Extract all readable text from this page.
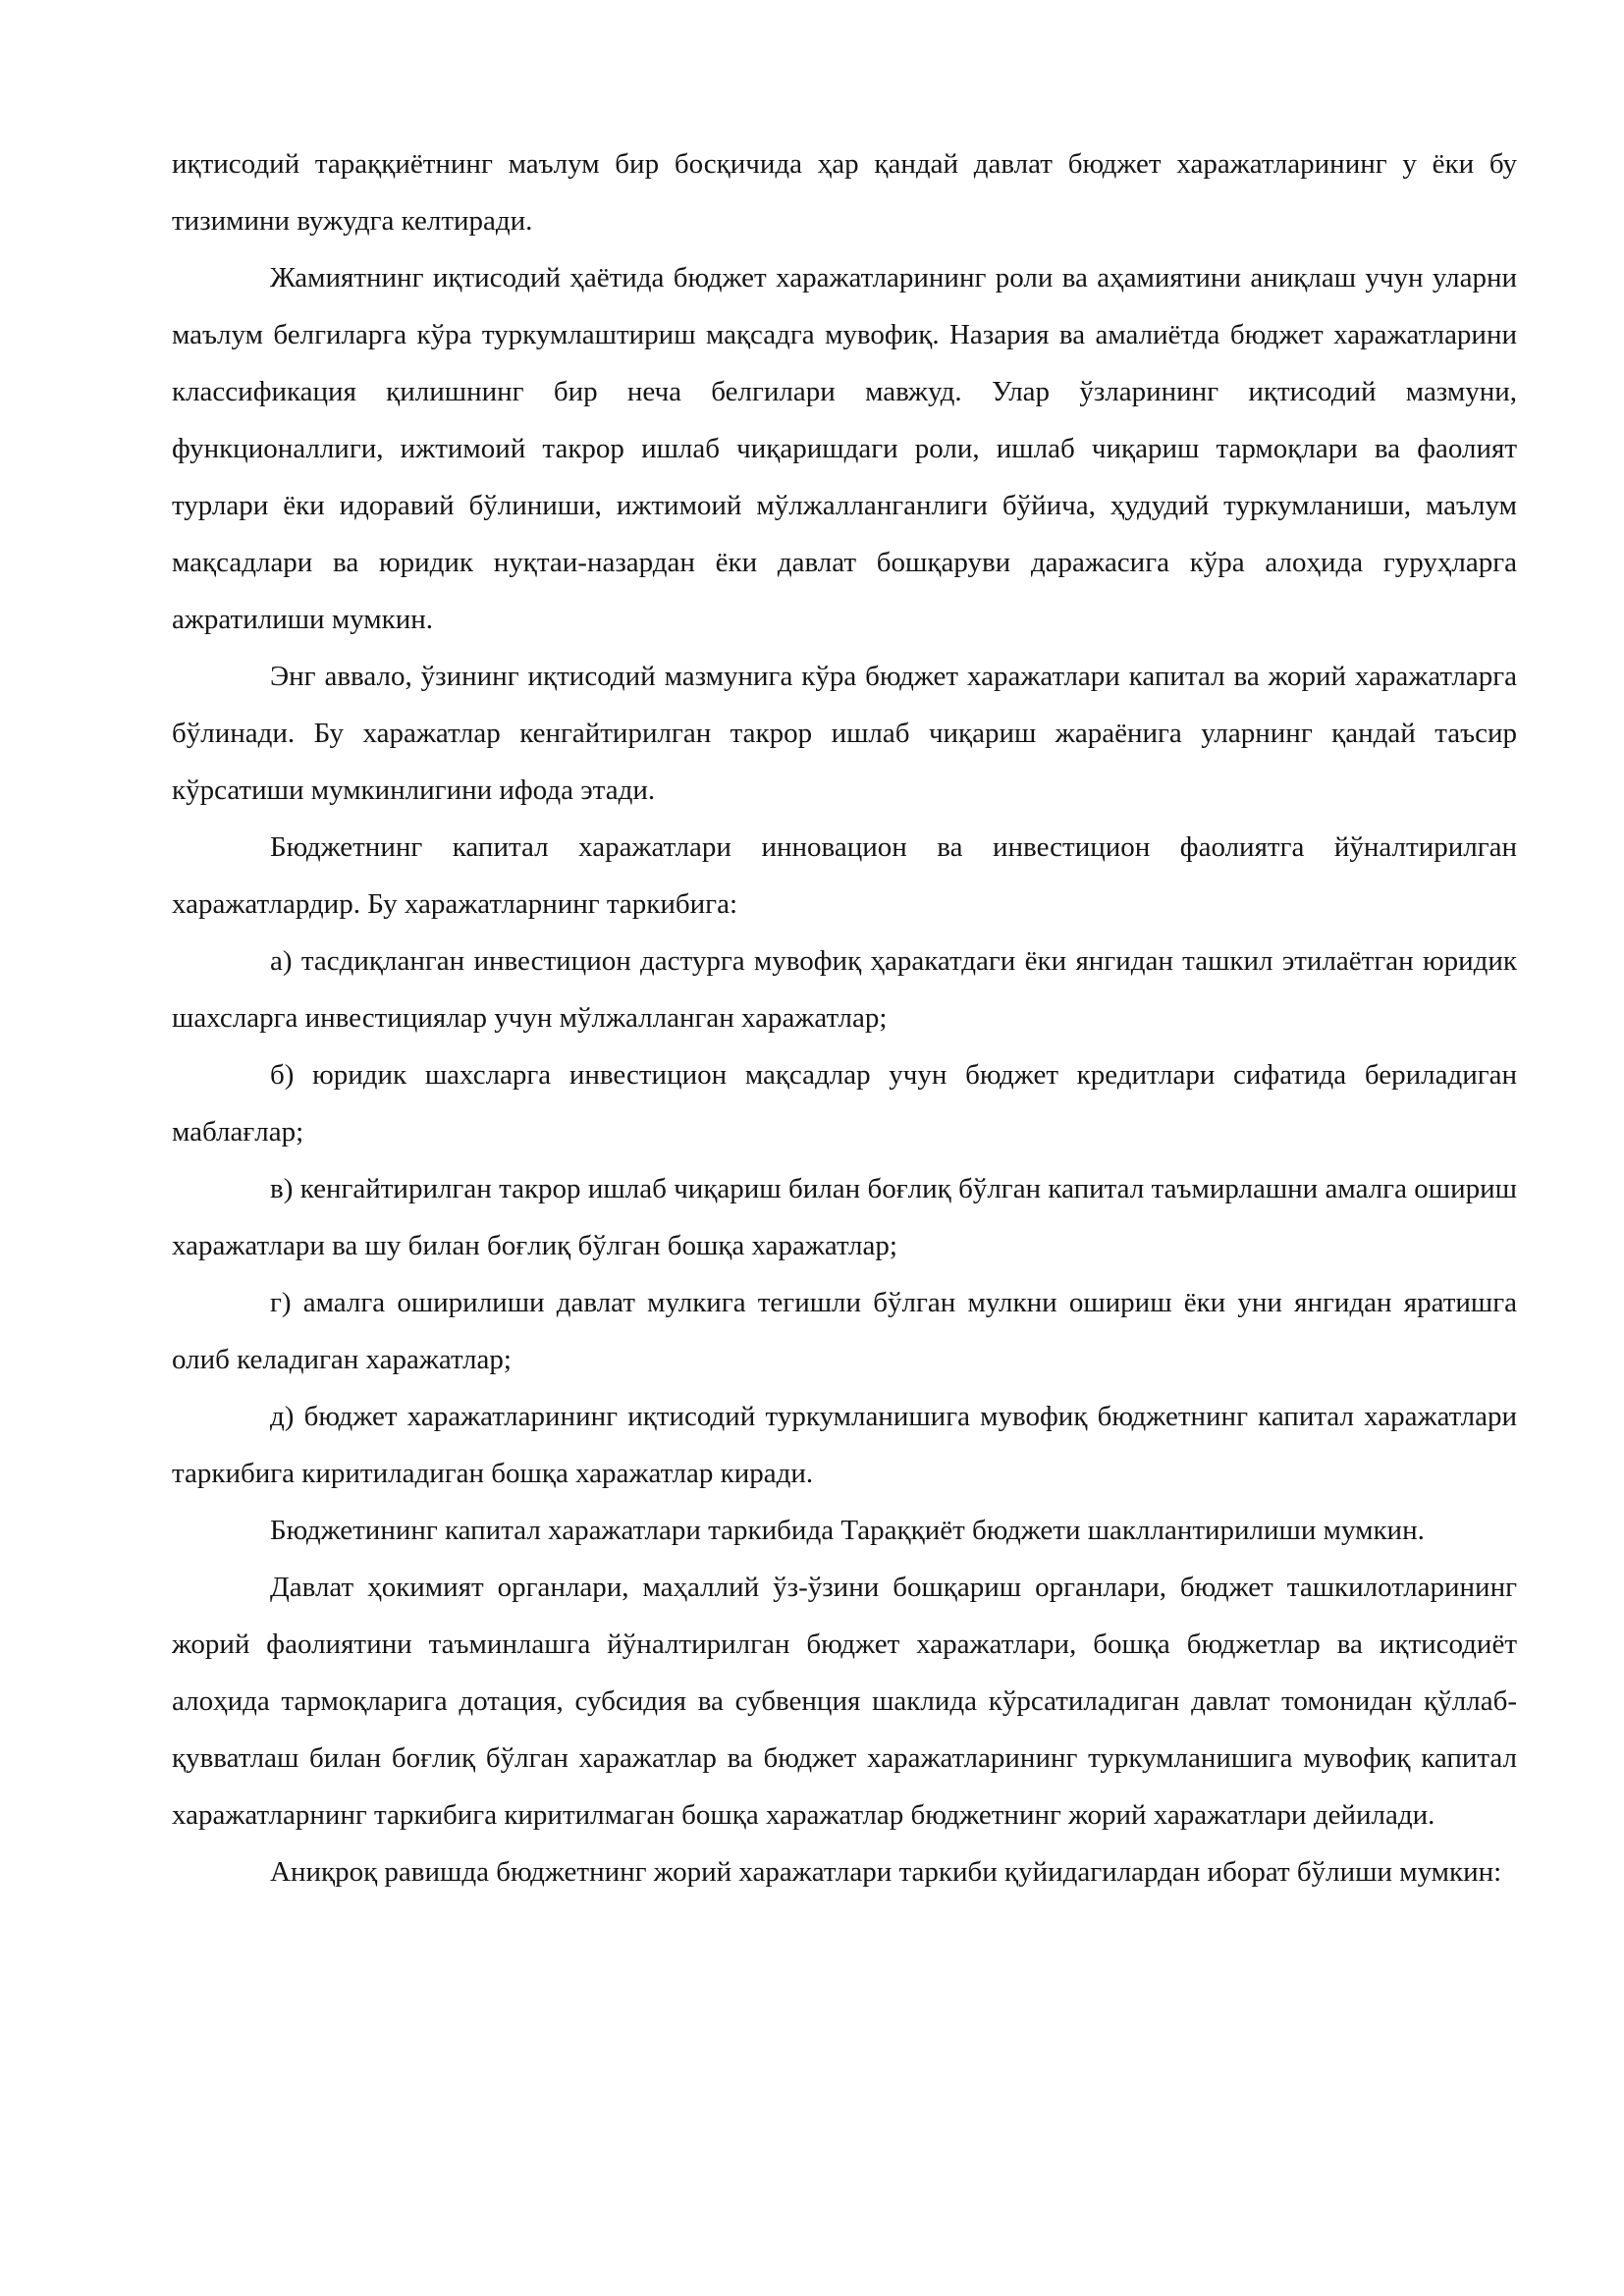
иқтисодий тараққиётнинг маълум бир босқичида ҳар қандай давлат бюджет харажатларининг у ёки бу тизимини вужудга келтиради.

Жамиятнинг иқтисодий ҳаётида бюджет харажатларининг роли ва аҳамиятини аниқлаш учун уларни маълум белгиларга кўра туркумлаштириш мақсадга мувофиқ. Назария ва амалиётда бюджет харажатларини классификация қилишнинг бир неча белгилари мавжуд. Улар ўзларининг иқтисодий мазмуни, функционаллиги, ижтимоий такрор ишлаб чиқаришдаги роли, ишлаб чиқариш тармоқлари ва фаолият турлари ёки идоравий бўлиниши, ижтимоий мўлжалланганлиги бўйича, ҳудудий туркумланиши, маълум мақсадлари ва юридик нуқтаи-назардан ёки давлат бошқаруви даражасига кўра алоҳида гуруҳларга ажратилиши мумкин.

Энг аввало, ўзининг иқтисодий мазмунига кўра бюджет харажатлари капитал ва жорий харажатларга бўлинади. Бу харажатлар кенгайтирилган такрор ишлаб чиқариш жараёнига уларнинг қандай таъсир кўрсатиши мумкинлигини ифода этади.

Бюджетнинг капитал харажатлари инновацион ва инвестицион фаолиятга йўналтирилган харажатлардир. Бу харажатларнинг таркибига:

а) тасдиқланган инвестицион дастурга мувофиқ ҳаракатдаги ёки янгидан ташкил этилаётган юридик шахсларга инвестициялар учун мўлжалланган харажатлар;

б) юридик шахсларга инвестицион мақсадлар учун бюджет кредитлари сифатида бериладиган маблағлар;

в) кенгайтирилган такрор ишлаб чиқариш билан боғлиқ бўлган капитал таъмирлашни амалга ошириш харажатлари ва шу билан боғлиқ бўлган бошқа харажатлар;

г) амалга оширилиши давлат мулкига тегишли бўлган мулкни ошириш ёки уни янгидан яратишга олиб келадиган харажатлар;

д) бюджет харажатларининг иқтисодий туркумланишига мувофиқ бюджетнинг капитал харажатлари таркибига киритиладиган бошқа харажатлар киради.

Бюджетининг капитал харажатлари таркибида Тараққиёт бюджети шакллантирилиши мумкин.

Давлат ҳокимият органлари, маҳаллий ўз-ўзини бошқариш органлари, бюджет ташкилотларининг жорий фаолиятини таъминлашга йўналтирилган бюджет харажатлари, бошқа бюджетлар ва иқтисодиёт алоҳида тармоқларига дотация, субсидия ва субвенция шаклида кўрсатиладиган давлат томонидан қўллаб-қувватлаш билан боғлиқ бўлган харажатлар ва бюджет харажатларининг туркумланишига мувофиқ капитал харажатларнинг таркибига киритилмаган бошқа харажатлар бюджетнинг жорий харажатлари дейилади.

Аниқроқ равишда бюджетнинг жорий харажатлари таркиби қуйидагилардан иборат бўлиши мумкин:
